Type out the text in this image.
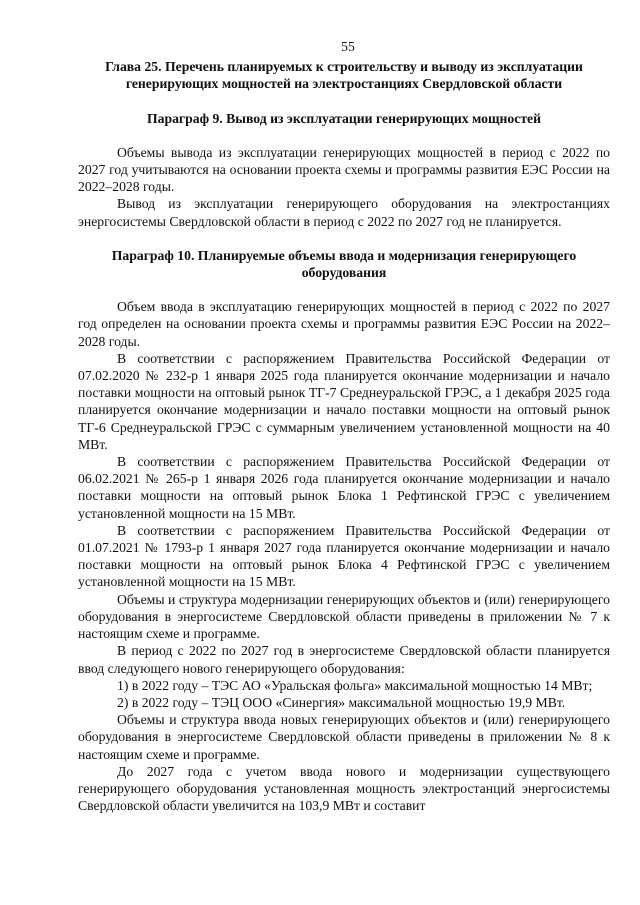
55
Глава 25. Перечень планируемых к строительству и выводу из эксплуатации генерирующих мощностей на электростанциях Свердловской области
Параграф 9. Вывод из эксплуатации генерирующих мощностей

Объемы вывода из эксплуатации генерирующих мощностей в период с 2022 по 2027 год учитываются на основании проекта схемы и программы развития ЕЭС России на 2022–2028 годы.

Вывод из эксплуатации генерирующего оборудования на электростанциях энергосистемы Свердловской области в период с 2022 по 2027 год не планируется.

Параграф 10. Планируемые объемы ввода и модернизация генерирующего оборудования

Объем ввода в эксплуатацию генерирующих мощностей в период с 2022 по 2027 год определен на основании проекта схемы и программы развития ЕЭС России на 2022–2028 годы.

В соответствии с распоряжением Правительства Российской Федерации от 07.02.2020 № 232-р 1 января 2025 года планируется окончание модернизации и начало поставки мощности на оптовый рынок ТГ-7 Среднеуральской ГРЭС, а 1 декабря 2025 года планируется окончание модернизации и начало поставки мощности на оптовый рынок ТГ-6 Среднеуральской ГРЭС с суммарным увеличением установленной мощности на 40 МВт.

В соответствии с распоряжением Правительства Российской Федерации от 06.02.2021 № 265-р 1 января 2026 года планируется окончание модернизации и начало поставки мощности на оптовый рынок Блока 1 Рефтинской ГРЭС с увеличением установленной мощности на 15 МВт.

В соответствии с распоряжением Правительства Российской Федерации от 01.07.2021 № 1793-р 1 января 2027 года планируется окончание модернизации и начало поставки мощности на оптовый рынок Блока 4 Рефтинской ГРЭС с увеличением установленной мощности на 15 МВт.

Объемы и структура модернизации генерирующих объектов и (или) генерирующего оборудования в энергосистеме Свердловской области приведены в приложении № 7 к настоящим схеме и программе.

В период с 2022 по 2027 год в энергосистеме Свердловской области планируется ввод следующего нового генерирующего оборудования:

1) в 2022 году – ТЭС АО «Уральская фольга» максимальной мощностью 14 МВт;

2) в 2022 году – ТЭЦ ООО «Синергия» максимальной мощностью 19,9 МВт.

Объемы и структура ввода новых генерирующих объектов и (или) генерирующего оборудования в энергосистеме Свердловской области приведены в приложении № 8 к настоящим схеме и программе.

До 2027 года с учетом ввода нового и модернизации существующего генерирующего оборудования установленная мощность электростанций энергосистемы Свердловской области увеличится на 103,9 МВт и составит
